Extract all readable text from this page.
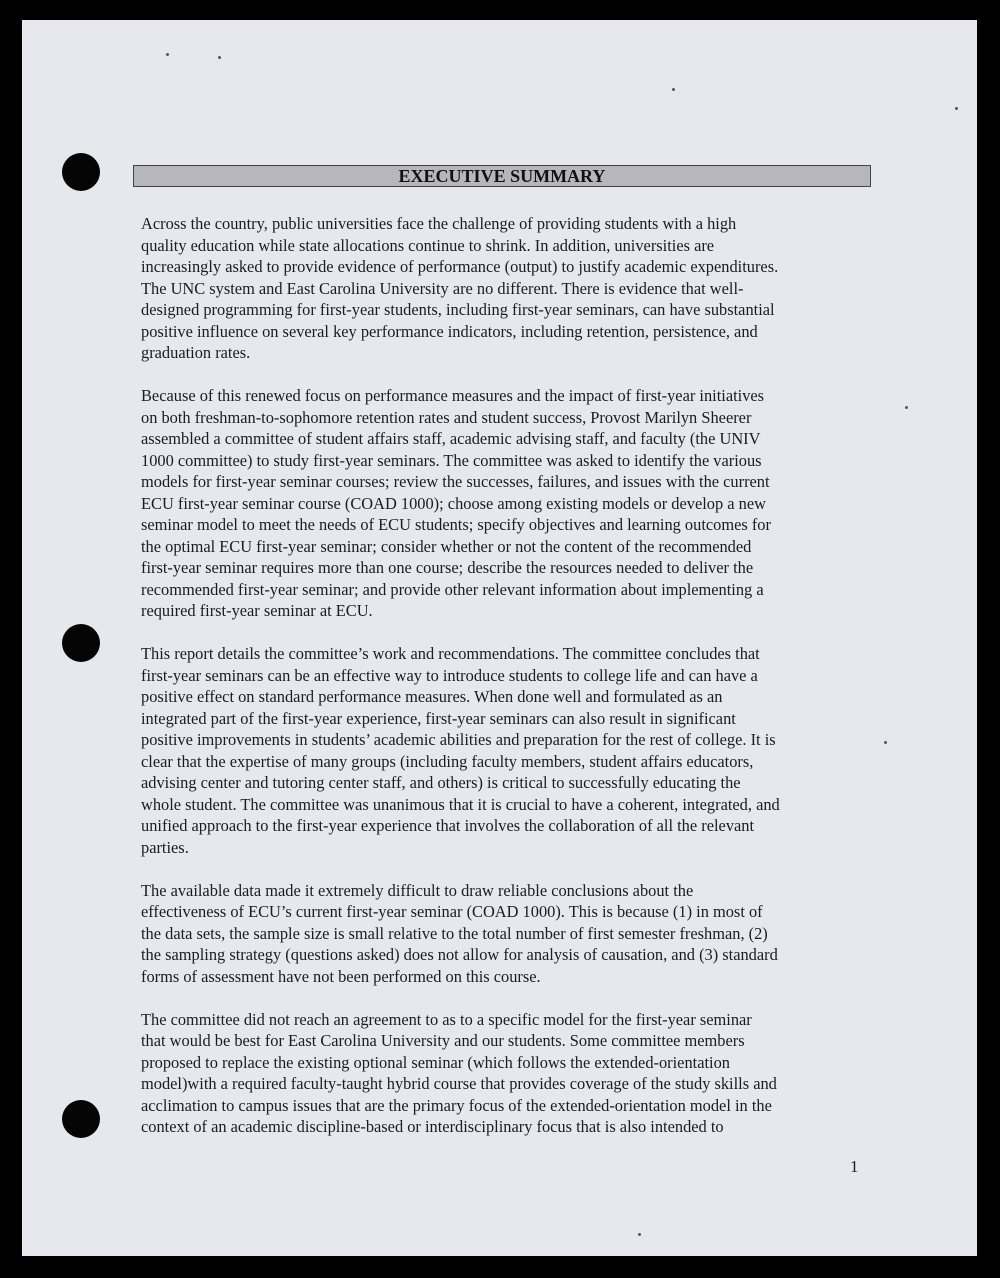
EXECUTIVE SUMMARY

Across the country, public universities face the challenge of providing students with a high
quality education while state allocations continue to shrink. In addition, universities are
increasingly asked to provide evidence of performance (output) to justify academic expenditures.
The UNC system and East Carolina University are no different. There is evidence that well-
designed programming for first-year students, including first-year seminars, can have substantial
positive influence on several key performance indicators, including retention, persistence, and
graduation rates.

Because of this renewed focus on performance measures and the impact of first-year initiatives
on both freshman-to-sophomore retention rates and student success, Provost Marilyn Sheerer
assembled a committee of student affairs staff, academic advising staff, and faculty (the UNIV
1000 committee) to study first-year seminars. The committee was asked to identify the various
models for first-year seminar courses; review the successes, failures, and issues with the current
ECU first-year seminar course (COAD 1000); choose among existing models or develop a new
seminar model to meet the needs of ECU students; specify objectives and learning outcomes for
the optimal ECU first-year seminar; consider whether or not the content of the recommended
first-year seminar requires more than one course; describe the resources needed to deliver the
recommended first-year seminar; and provide other relevant information about implementing a
required first-year seminar at ECU.

This report details the committee’s work and recommendations. The committee concludes that
first-year seminars can be an effective way to introduce students to college life and can have a
positive effect on standard performance measures. When done well and formulated as an
integrated part of the first-year experience, first-year seminars can also result in significant
positive improvements in students’ academic abilities and preparation for the rest of college. It is
clear that the expertise of many groups (including faculty members, student affairs educators,
advising center and tutoring center staff, and others) is critical to successfully educating the
whole student. The committee was unanimous that it is crucial to have a coherent, integrated, and
unified approach to the first-year experience that involves the collaboration of all the relevant
parties.

The available data made it extremely difficult to draw reliable conclusions about the
effectiveness of ECU’s current first-year seminar (COAD 1000). This is because (1) in most of
the data sets, the sample size is small relative to the total number of first semester freshman, (2)
the sampling strategy (questions asked) does not allow for analysis of causation, and (3) standard
forms of assessment have not been performed on this course.

The committee did not reach an agreement to as to a specific model for the first-year seminar
that would be best for East Carolina University and our students. Some committee members
proposed to replace the existing optional seminar (which follows the extended-orientation
model)with a required faculty-taught hybrid course that provides coverage of the study skills and
acclimation to campus issues that are the primary focus of the extended-orientation model in the
context of an academic discipline-based or interdisciplinary focus that is also intended to

1
